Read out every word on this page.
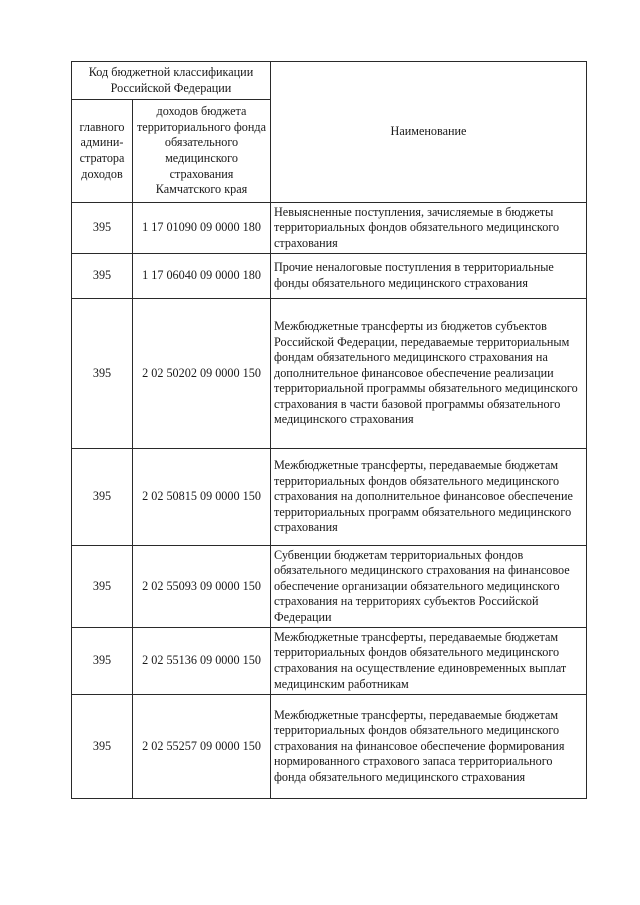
Код бюджетной классификации Российской Федерации		Наименование
главного админи-стратора доходов	доходов бюджета территориального фонда обязательного медицинского страхования Камчатского края	
395	1 17 01090 09 0000 180	Невыясненные поступления, зачисляемые в бюджеты территориальных фондов обязательного медицинского страхования
395	1 17 06040 09 0000 180	Прочие неналоговые поступления в территориальные фонды обязательного медицинского страхования
395	2 02 50202 09 0000 150	Межбюджетные трансферты из бюджетов субъектов Российской Федерации, передаваемые территориальным фондам обязательного медицинского страхования на дополнительное финансовое обеспечение реализации территориальной программы обязательного медицинского страхования в части базовой программы обязательного медицинского страхования
395	2 02 50815 09 0000 150	Межбюджетные трансферты, передаваемые бюджетам территориальных фондов обязательного медицинского страхования на дополнительное финансовое обеспечение территориальных программ обязательного медицинского страхования
395	2 02 55093 09 0000 150	Субвенции бюджетам территориальных фондов обязательного медицинского страхования на финансовое обеспечение организации обязательного медицинского страхования на территориях субъектов Российской Федерации
395	2 02 55136 09 0000 150	Межбюджетные трансферты, передаваемые бюджетам территориальных фондов обязательного медицинского страхования на осуществление единовременных выплат медицинским работникам
395	2 02 55257 09 0000 150	Межбюджетные трансферты, передаваемые бюджетам территориальных фондов обязательного медицинского страхования на финансовое обеспечение формирования нормированного страхового запаса территориального фонда обязательного медицинского страхования
